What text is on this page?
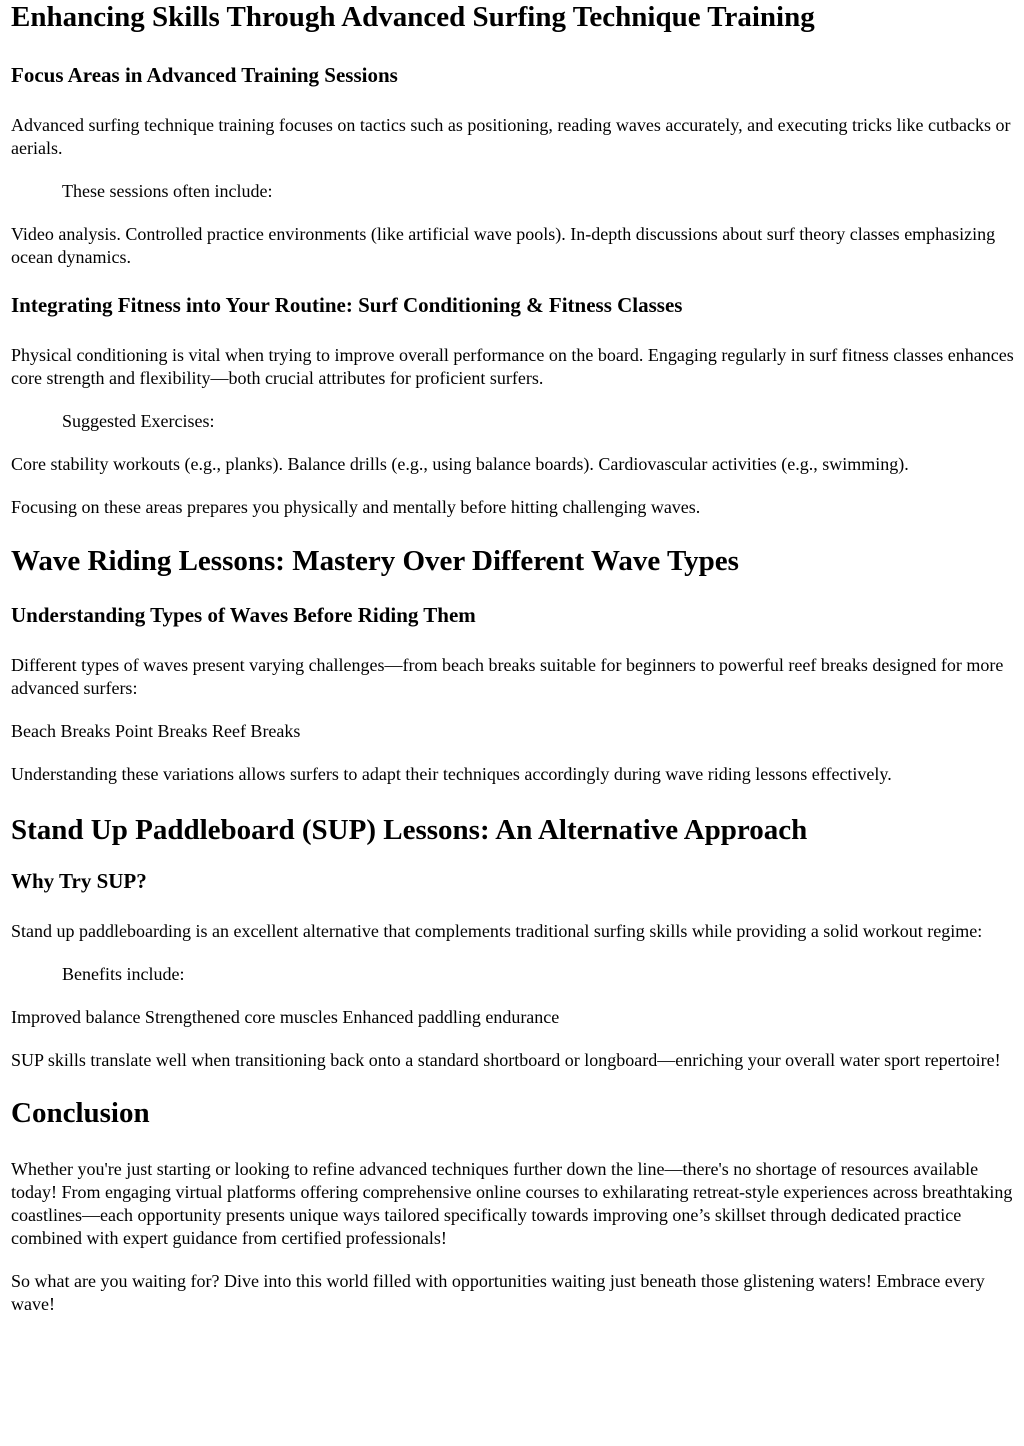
Enhancing Skills Through Advanced Surfing Technique Training
Focus Areas in Advanced Training Sessions

Advanced surfing technique training focuses on tactics such as positioning, reading waves accurately, and executing tricks like cutbacks or aerials.

These sessions often include:

Video analysis. Controlled practice environments (like artificial wave pools). In-depth discussions about surf theory classes emphasizing ocean dynamics.

Integrating Fitness into Your Routine: Surf Conditioning & Fitness Classes

Physical conditioning is vital when trying to improve overall performance on the board. Engaging regularly in surf fitness classes enhances core strength and flexibility—both crucial attributes for proficient surfers.

Suggested Exercises:

Core stability workouts (e.g., planks). Balance drills (e.g., using balance boards). Cardiovascular activities (e.g., swimming).

Focusing on these areas prepares you physically and mentally before hitting challenging waves.

Wave Riding Lessons: Mastery Over Different Wave Types
Understanding Types of Waves Before Riding Them

Different types of waves present varying challenges—from beach breaks suitable for beginners to powerful reef breaks designed for more advanced surfers:

Beach Breaks Point Breaks Reef Breaks

Understanding these variations allows surfers to adapt their techniques accordingly during wave riding lessons effectively.

Stand Up Paddleboard (SUP) Lessons: An Alternative Approach
Why Try SUP?

Stand up paddleboarding is an excellent alternative that complements traditional surfing skills while providing a solid workout regime:

Benefits include:

Improved balance Strengthened core muscles Enhanced paddling endurance

SUP skills translate well when transitioning back onto a standard shortboard or longboard—enriching your overall water sport repertoire!

Conclusion

Whether you're just starting or looking to refine advanced techniques further down the line—there's no shortage of resources available today! From engaging virtual platforms offering comprehensive online courses to exhilarating retreat-style experiences across breathtaking coastlines—each opportunity presents unique ways tailored specifically towards improving one’s skillset through dedicated practice combined with expert guidance from certified professionals!

So what are you waiting for? Dive into this world filled with opportunities waiting just beneath those glistening waters! Embrace every wave!
